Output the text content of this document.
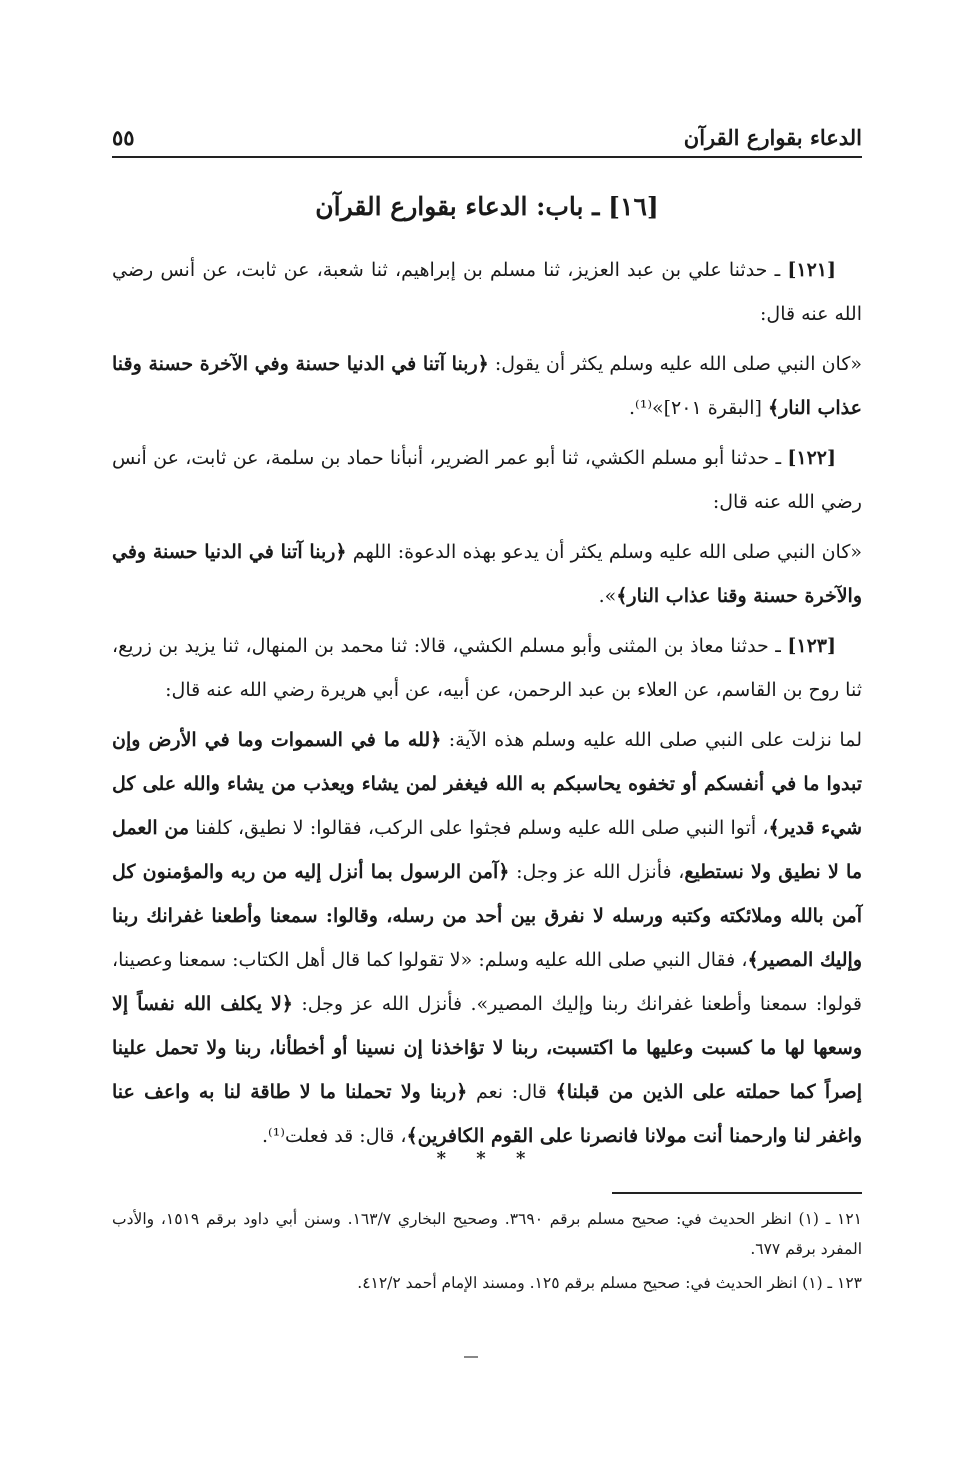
الدعاء بقوارع القرآن
٥٥
[١٦] ـ باب: الدعاء بقوارع القرآن

[١٢١] ـ حدثنا علي بن عبد العزيز، ثنا مسلم بن إبراهيم، ثنا شعبة، عن ثابت، عن أنس رضي الله عنه قال:

«كان النبي صلى الله عليه وسلم يكثر أن يقول: ﴿ربنا آتنا في الدنيا حسنة وفي الآخرة حسنة وقنا عذاب النار﴾ [البقرة ٢٠١]»⁽¹⁾.

[١٢٢] ـ حدثنا أبو مسلم الكشي، ثنا أبو عمر الضرير، أنبأنا حماد بن سلمة، عن ثابت، عن أنس رضي الله عنه قال:

«كان النبي صلى الله عليه وسلم يكثر أن يدعو بهذه الدعوة: اللهم ﴿ربنا آتنا في الدنيا حسنة وفي والآخرة حسنة وقنا عذاب النار﴾».

[١٢٣] ـ حدثنا معاذ بن المثنى وأبو مسلم الكشي، قالا: ثنا محمد بن المنهال، ثنا يزيد بن زريع، ثنا روح بن القاسم، عن العلاء بن عبد الرحمن، عن أبيه، عن أبي هريرة رضي الله عنه قال:

لما نزلت على النبي صلى الله عليه وسلم هذه الآية: ﴿لله ما في السموات وما في الأرض وإن تبدوا ما في أنفسكم أو تخفوه يحاسبكم به الله فيغفر لمن يشاء ويعذب من يشاء والله على كل شيء قدير﴾، أتوا النبي صلى الله عليه وسلم فجثوا على الركب، فقالوا: لا نطيق، كلفنا من العمل ما لا نطيق ولا نستطيع، فأنزل الله عز وجل: ﴿آمن الرسول بما أنزل إليه من ربه والمؤمنون كل آمن بالله وملائكته وكتبه ورسله لا نفرق بين أحد من رسله، وقالوا: سمعنا وأطعنا غفرانك ربنا وإليك المصير﴾، فقال النبي صلى الله عليه وسلم: «لا تقولوا كما قال أهل الكتاب: سمعنا وعصينا، قولوا: سمعنا وأطعنا غفرانك ربنا وإليك المصير». فأنزل الله عز وجل: ﴿لا يكلف الله نفساً إلا وسعها لها ما كسبت وعليها ما اكتسبت، ربنا لا تؤاخذنا إن نسينا أو أخطأنا، ربنا ولا تحمل علينا إصراً كما حملته على الذين من قبلنا﴾ قال: نعم ﴿ربنا ولا تحملنا ما لا طاقة لنا به واعف عنا واغفر لنا وارحمنا أنت مولانا فانصرنا على القوم الكافرين﴾، قال: قد فعلت⁽¹⁾.

* * *

١٢١ ـ (١) انظر الحديث في: صحيح مسلم برقم ٣٦٩٠. وصحيح البخاري ١٦٣/٧. وسنن أبي داود برقم ١٥١٩، والأدب المفرد برقم ٦٧٧.

١٢٣ ـ (١) انظر الحديث في: صحيح مسلم برقم ١٢٥. ومسند الإمام أحمد ٤١٢/٢.
